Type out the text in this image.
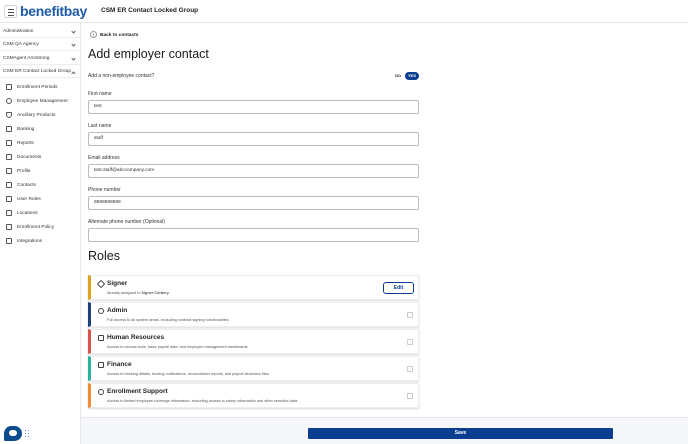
benefitbay CSM ER Contact Locked Group
Administration
CSM QA Agency
CSMAgent Armstrong
CSM ER Contact Locked Group
Enrollment Periods
Employee Management
Ancillary Products
Banking
Reports
Documents
Profile
Contacts
User Roles
Locations
Enrollment Policy
Integrations
‹	Back to contacts
Add employer contact
Add a non-employee contact?	NO	YES
First name
test
Last name
staff
Email address
test.staff@abccompany.com
Phone number
9999999999
Alternate phone number (Optional)
Roles
Signer
Already assigned to Signer Corbery
Edit
Admin
Full access to all system areas, excluding contract signing functionalities.
Human Resources
Access to various tools, basic payroll data, and employee management dashboards.
Finance
Access to banking details, funding notifications, reconciliation reports, and payroll deduction files.
Enrollment Support
Access to limited employee coverage information, excluding access to salary information and other sensitive data.
Save
